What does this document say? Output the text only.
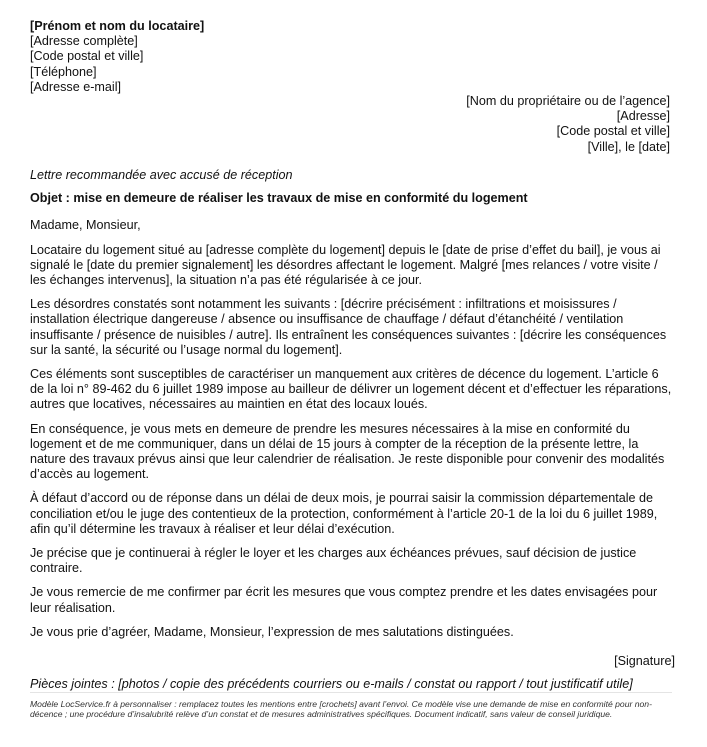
[Prénom et nom du locataire]
[Adresse complète]
[Code postal et ville]
[Téléphone]
[Adresse e-mail]
[Nom du propriétaire ou de l’agence]
[Adresse]
[Code postal et ville]
[Ville], le [date]
Lettre recommandée avec accusé de réception
Objet : mise en demeure de réaliser les travaux de mise en conformité du logement

Madame, Monsieur,

Locataire du logement situé au [adresse complète du logement] depuis le [date de prise d’effet du bail], je vous ai signalé le [date du premier signalement] les désordres affectant le logement. Malgré [mes relances / votre visite / les échanges intervenus], la situation n’a pas été régularisée à ce jour.

Les désordres constatés sont notamment les suivants : [décrire précisément : infiltrations et moisissures / installation électrique dangereuse / absence ou insuffisance de chauffage / défaut d’étanchéité / ventilation insuffisante / présence de nuisibles / autre]. Ils entraînent les conséquences suivantes : [décrire les conséquences sur la santé, la sécurité ou l’usage normal du logement].

Ces éléments sont susceptibles de caractériser un manquement aux critères de décence du logement. L’article 6 de la loi n° 89-462 du 6 juillet 1989 impose au bailleur de délivrer un logement décent et d’effectuer les réparations, autres que locatives, nécessaires au maintien en état des locaux loués.

En conséquence, je vous mets en demeure de prendre les mesures nécessaires à la mise en conformité du logement et de me communiquer, dans un délai de 15 jours à compter de la réception de la présente lettre, la nature des travaux prévus ainsi que leur calendrier de réalisation. Je reste disponible pour convenir des modalités d’accès au logement.

À défaut d’accord ou de réponse dans un délai de deux mois, je pourrai saisir la commission départementale de conciliation et/ou le juge des contentieux de la protection, conformément à l’article 20-1 de la loi du 6 juillet 1989, afin qu’il détermine les travaux à réaliser et leur délai d’exécution.

Je précise que je continuerai à régler le loyer et les charges aux échéances prévues, sauf décision de justice contraire.

Je vous remercie de me confirmer par écrit les mesures que vous comptez prendre et les dates envisagées pour leur réalisation.

Je vous prie d’agréer, Madame, Monsieur, l’expression de mes salutations distinguées.

[Signature]
Pièces jointes : [photos / copie des précédents courriers ou e-mails / constat ou rapport / tout justificatif utile]
Modèle LocService.fr à personnaliser : remplacez toutes les mentions entre [crochets] avant l’envoi. Ce modèle vise une demande de mise en conformité pour non-décence ; une procédure d’insalubrité relève d’un constat et de mesures administratives spécifiques. Document indicatif, sans valeur de conseil juridique.
